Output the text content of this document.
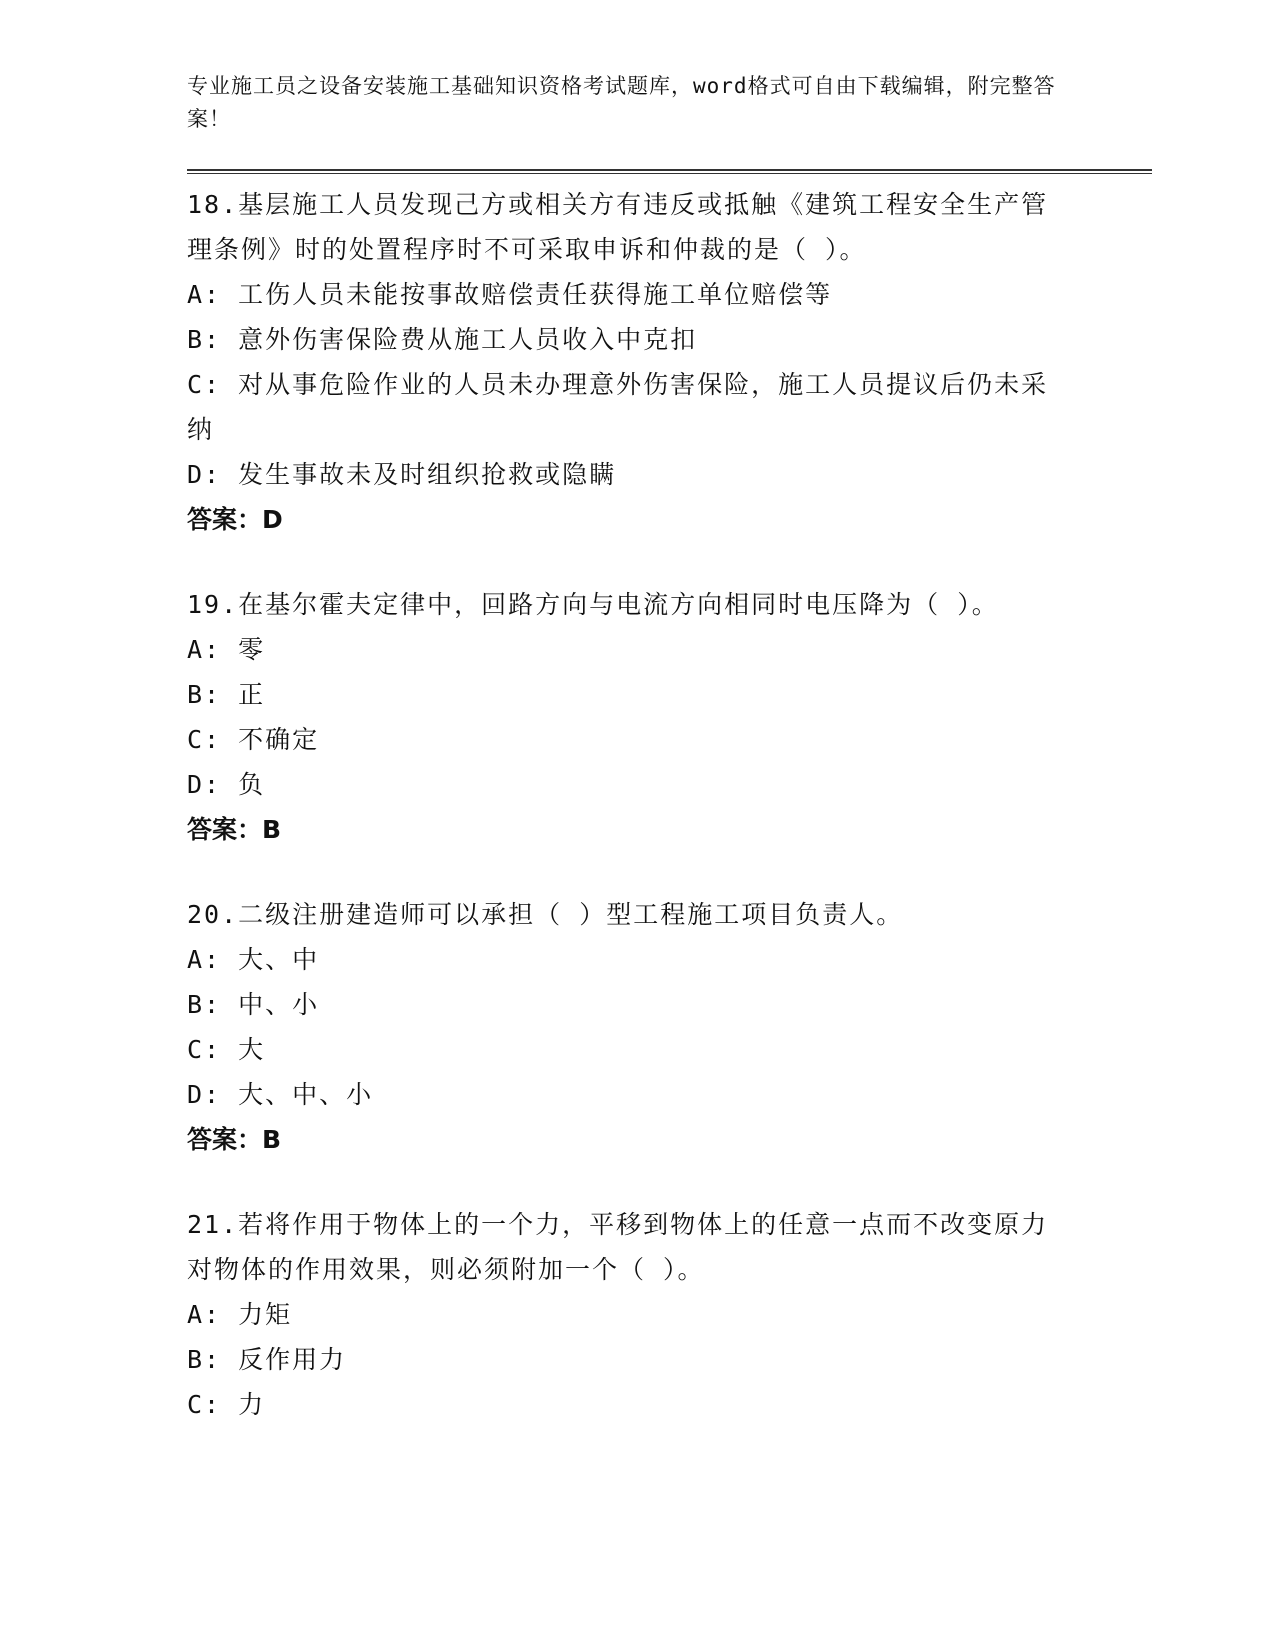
专业施工员之设备安装施工基础知识资格考试题库，word格式可自由下载编辑，附完整答案！

18.基层施工人员发现己方或相关方有违反或抵触《建筑工程安全生产管理条例》时的处置程序时不可采取申诉和仲裁的是（ ）。

A: 工伤人员未能按事故赔偿责任获得施工单位赔偿等

B: 意外伤害保险费从施工人员收入中克扣

C: 对从事危险作业的人员未办理意外伤害保险，施工人员提议后仍未采纳

D: 发生事故未及时组织抢救或隐瞒

答案：D

19.在基尔霍夫定律中，回路方向与电流方向相同时电压降为（ ）。

A: 零

B: 正

C: 不确定

D: 负

答案：B

20.二级注册建造师可以承担（ ）型工程施工项目负责人。

A: 大、中

B: 中、小

C: 大

D: 大、中、小

答案：B

21.若将作用于物体上的一个力，平移到物体上的任意一点而不改变原力对物体的作用效果，则必须附加一个（ ）。

A: 力矩

B: 反作用力

C: 力
